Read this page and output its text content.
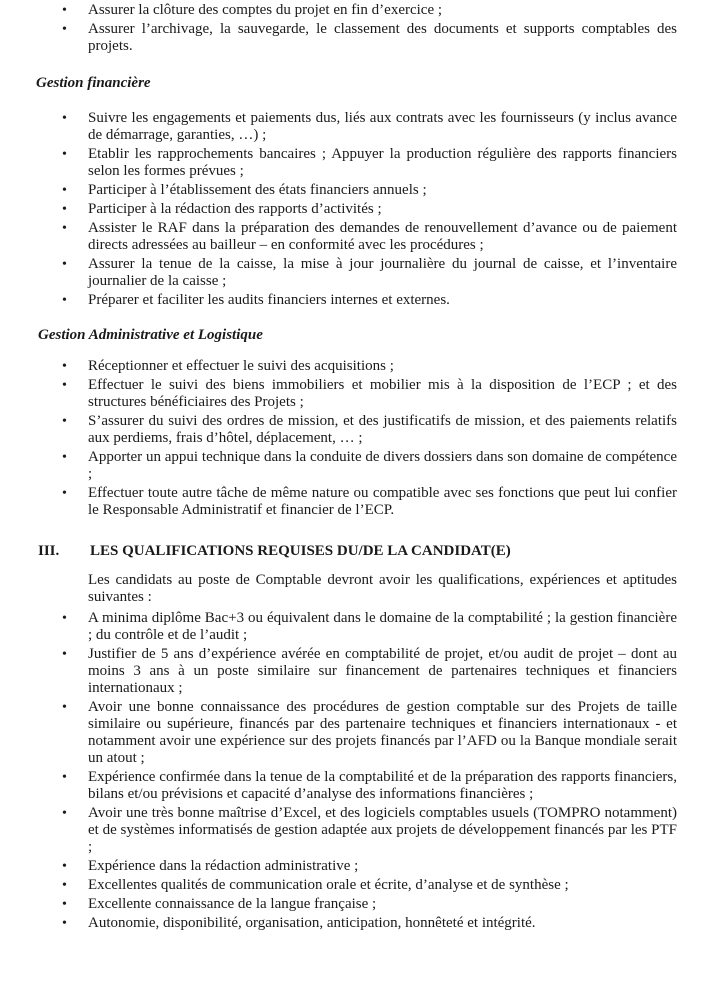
• Assurer la clôture des comptes du projet en fin d’exercice ;
• Assurer l’archivage, la sauvegarde, le classement des documents et supports comptables des projets.

Gestion financière

• Suivre les engagements et paiements dus, liés aux contrats avec les fournisseurs (y inclus avance de démarrage, garanties, …) ;
• Etablir les rapprochements bancaires ; Appuyer la production régulière des rapports financiers selon les formes prévues ;
• Participer à l’établissement des états financiers annuels ;
• Participer à la rédaction des rapports d’activités ;
• Assister le RAF dans la préparation des demandes de renouvellement d’avance ou de paiement directs adressées au bailleur – en conformité avec les procédures ;
• Assurer la tenue de la caisse, la mise à jour journalière du journal de caisse, et l’inventaire journalier de la caisse ;
• Préparer et faciliter les audits financiers internes et externes.

Gestion Administrative et Logistique

• Réceptionner et effectuer le suivi des acquisitions ;
• Effectuer le suivi des biens immobiliers et mobilier mis à la disposition de l’ECP ; et des structures bénéficiaires des Projets ;
• S’assurer du suivi des ordres de mission, et des justificatifs de mission, et des paiements relatifs aux perdiems, frais d’hôtel, déplacement, … ;
• Apporter un appui technique dans la conduite de divers dossiers dans son domaine de compétence ;
• Effectuer toute autre tâche de même nature ou compatible avec ses fonctions que peut lui confier le Responsable Administratif et financier de l’ECP.
III.	LES QUALIFICATIONS REQUISES DU/DE LA CANDIDAT(E)

Les candidats au poste de Comptable devront avoir les qualifications, expériences et aptitudes suivantes :

• A minima diplôme Bac+3 ou équivalent dans le domaine de la comptabilité ; la gestion financière ; du contrôle et de l’audit ;
• Justifier de 5 ans d’expérience avérée en comptabilité de projet, et/ou audit de projet – dont au moins 3 ans à un poste similaire sur financement de partenaires techniques et financiers internationaux ;
• Avoir une bonne connaissance des procédures de gestion comptable sur des Projets de taille similaire ou supérieure, financés par des partenaire techniques et financiers internationaux - et notamment avoir une expérience sur des projets financés par l’AFD ou la Banque mondiale serait un atout ;
• Expérience confirmée dans la tenue de la comptabilité et de la préparation des rapports financiers, bilans et/ou prévisions et capacité d’analyse des informations financières ;
• Avoir une très bonne maîtrise d’Excel, et des logiciels comptables usuels (TOMPRO notamment) et de systèmes informatisés de gestion adaptée aux projets de développement financés par les PTF ;
• Expérience dans la rédaction administrative ;
• Excellentes qualités de communication orale et écrite, d’analyse et de synthèse ;
• Excellente connaissance de la langue française ;
• Autonomie, disponibilité, organisation, anticipation, honnêteté et intégrité.
